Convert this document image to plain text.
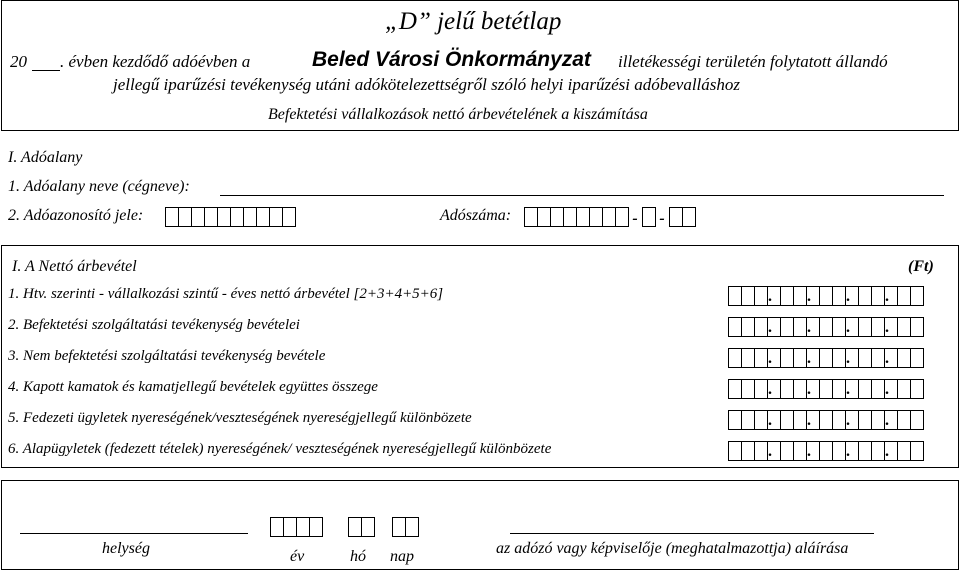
„D” jelű betétlap
20 . évben kezdődő adóévben a	Beled Városi Önkormányzat illetékességi területén folytatott állandó
jellegű iparűzési tevékenység utáni adókötelezettségről szóló helyi iparűzési adóbevalláshoz
Befektetési vállalkozások nettó árbevételének a kiszámítása
I. Adóalany
1. Adóalany neve (cégneve):
2. Adóazonosító jele:	Adószáma:	- -
I. A Nettó árbevétel	(Ft)
1. Htv. szerinti - vállalkozási szintű - éves nettó árbevétel [2+3+4+5+6]	. . . .
2. Befektetési szolgáltatási tevékenység bevételei	. . . .
3. Nem befektetési szolgáltatási tevékenység bevétele	. . . .
4. Kapott kamatok és kamatjellegű bevételek együttes összege	. . . .
5. Fedezeti ügyletek nyereségének/veszteségének nyereségjellegű különbözete	. . . .
6. Alapügyletek (fedezett tételek) nyereségének/ veszteségének nyereségjellegű különbözete	. . . .
helység	év	hó nap	az adózó vagy képviselője (meghatalmazottja) aláírása
